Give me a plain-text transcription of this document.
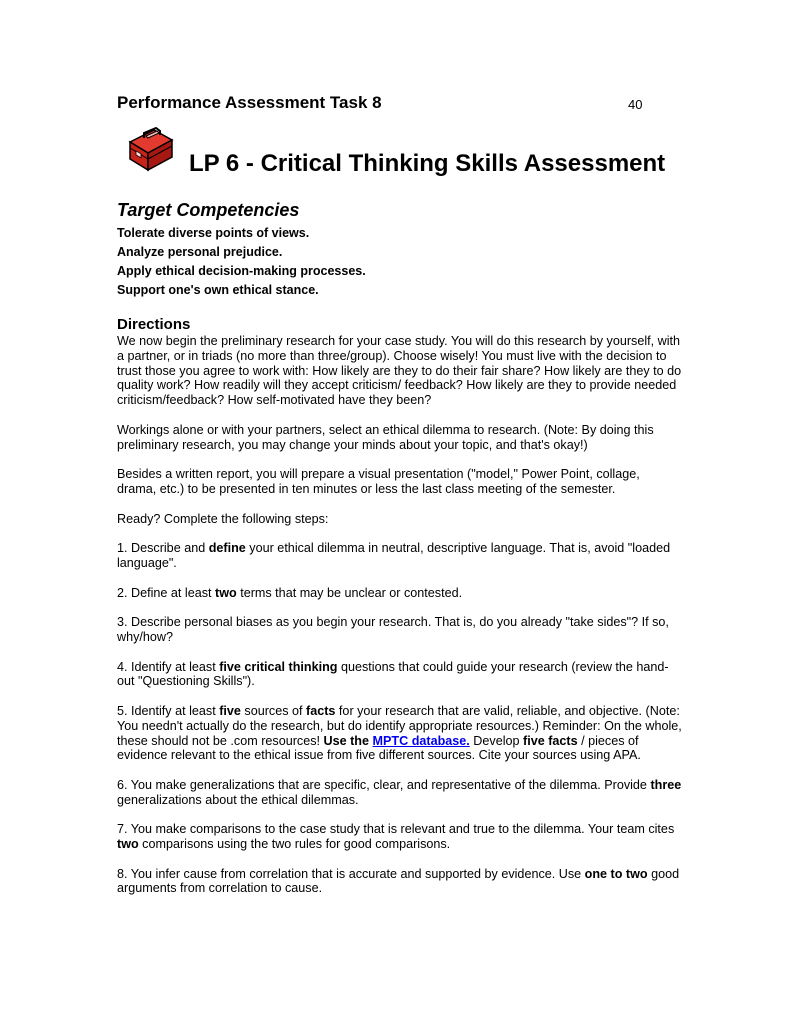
Performance Assessment Task 8	40
LP 6 - Critical Thinking Skills Assessment
Target Competencies
Tolerate diverse points of views.
Analyze personal prejudice.
Apply ethical decision-making processes.
Support one's own ethical stance.
Directions

We now begin the preliminary research for your case study. You will do this research by yourself, with a partner, or in triads (no more than three/group). Choose wisely! You must live with the decision to trust those you agree to work with: How likely are they to do their fair share? How likely are they to do quality work? How readily will they accept criticism/ feedback? How likely are they to provide needed criticism/feedback? How self-motivated have they been?

Workings alone or with your partners, select an ethical dilemma to research. (Note: By doing this preliminary research, you may change your minds about your topic, and that's okay!)

Besides a written report, you will prepare a visual presentation ("model," Power Point, collage, drama, etc.) to be presented in ten minutes or less the last class meeting of the semester.

Ready? Complete the following steps:

1. Describe and define your ethical dilemma in neutral, descriptive language. That is, avoid "loaded language".

2. Define at least two terms that may be unclear or contested.

3. Describe personal biases as you begin your research. That is, do you already "take sides"? If so, why/how?

4. Identify at least five critical thinking questions that could guide your research (review the hand-out "Questioning Skills").

5. Identify at least five sources of facts for your research that are valid, reliable, and objective. (Note: You needn't actually do the research, but do identify appropriate resources.) Reminder: On the whole, these should not be .com resources! Use the MPTC database. Develop five facts / pieces of evidence relevant to the ethical issue from five different sources. Cite your sources using APA.

6. You make generalizations that are specific, clear, and representative of the dilemma. Provide three generalizations about the ethical dilemmas.

7. You make comparisons to the case study that is relevant and true to the dilemma. Your team cites two comparisons using the two rules for good comparisons.

8. You infer cause from correlation that is accurate and supported by evidence. Use one to two good arguments from correlation to cause.
